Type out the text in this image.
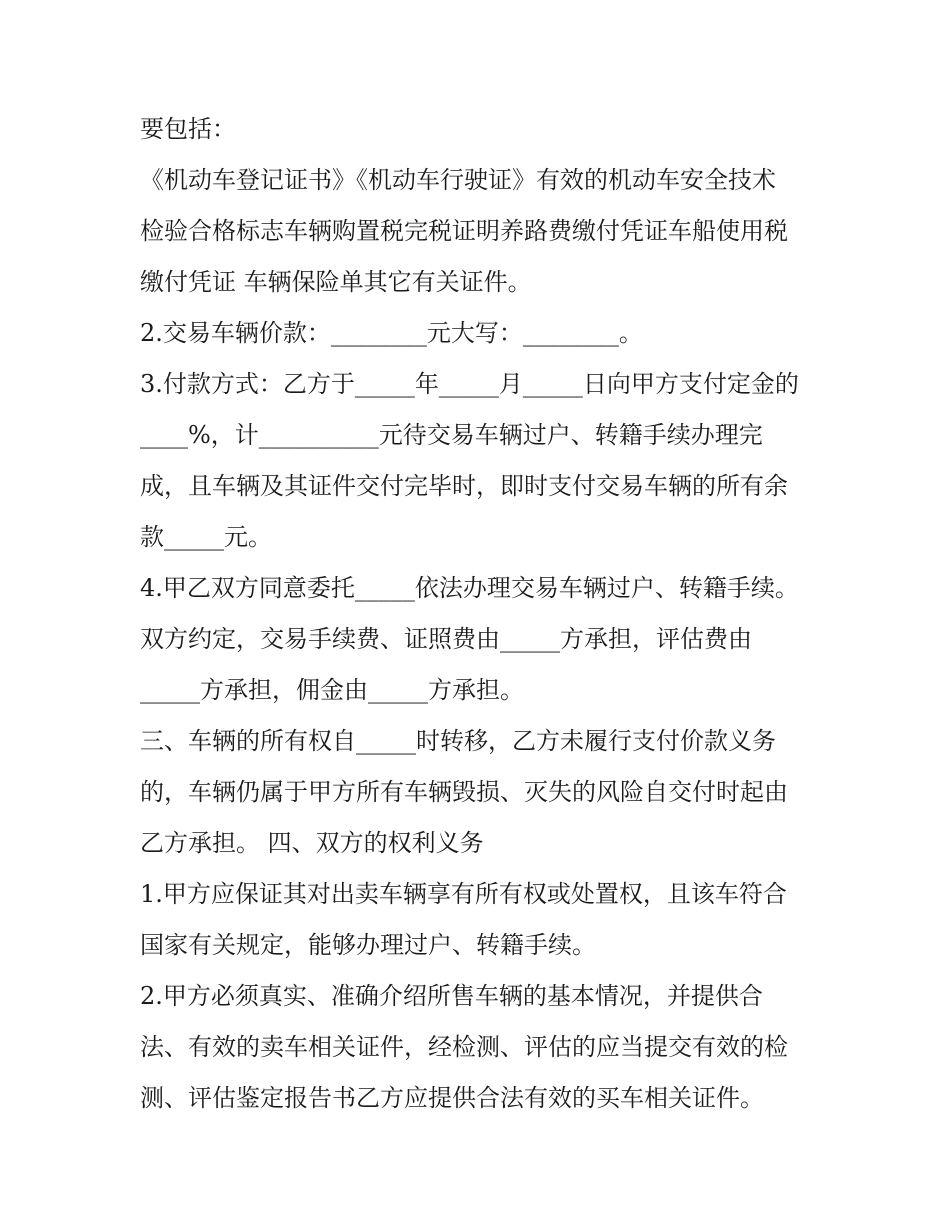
要包括：
《机动车登记证书》《机动车行驶证》有效的机动车安全技术
检验合格标志车辆购置税完税证明养路费缴付凭证车船使用税
缴付凭证 车辆保险单其它有关证件。
2.交易车辆价款：________元大写：________。
3.付款方式：乙方于_____年_____月_____日向甲方支付定金的
____%，计__________元待交易车辆过户、转籍手续办理完
成，且车辆及其证件交付完毕时，即时支付交易车辆的所有余
款_____元。
4.甲乙双方同意委托_____依法办理交易车辆过户、转籍手续。
双方约定，交易手续费、证照费由_____方承担，评估费由
_____方承担，佣金由_____方承担。
三、车辆的所有权自_____时转移，乙方未履行支付价款义务
的，车辆仍属于甲方所有车辆毁损、灭失的风险自交付时起由
乙方承担。 四、双方的权利义务
1.甲方应保证其对出卖车辆享有所有权或处置权，且该车符合
国家有关规定，能够办理过户、转籍手续。
2.甲方必须真实、准确介绍所售车辆的基本情况，并提供合
法、有效的卖车相关证件，经检测、评估的应当提交有效的检
测、评估鉴定报告书乙方应提供合法有效的买车相关证件。
